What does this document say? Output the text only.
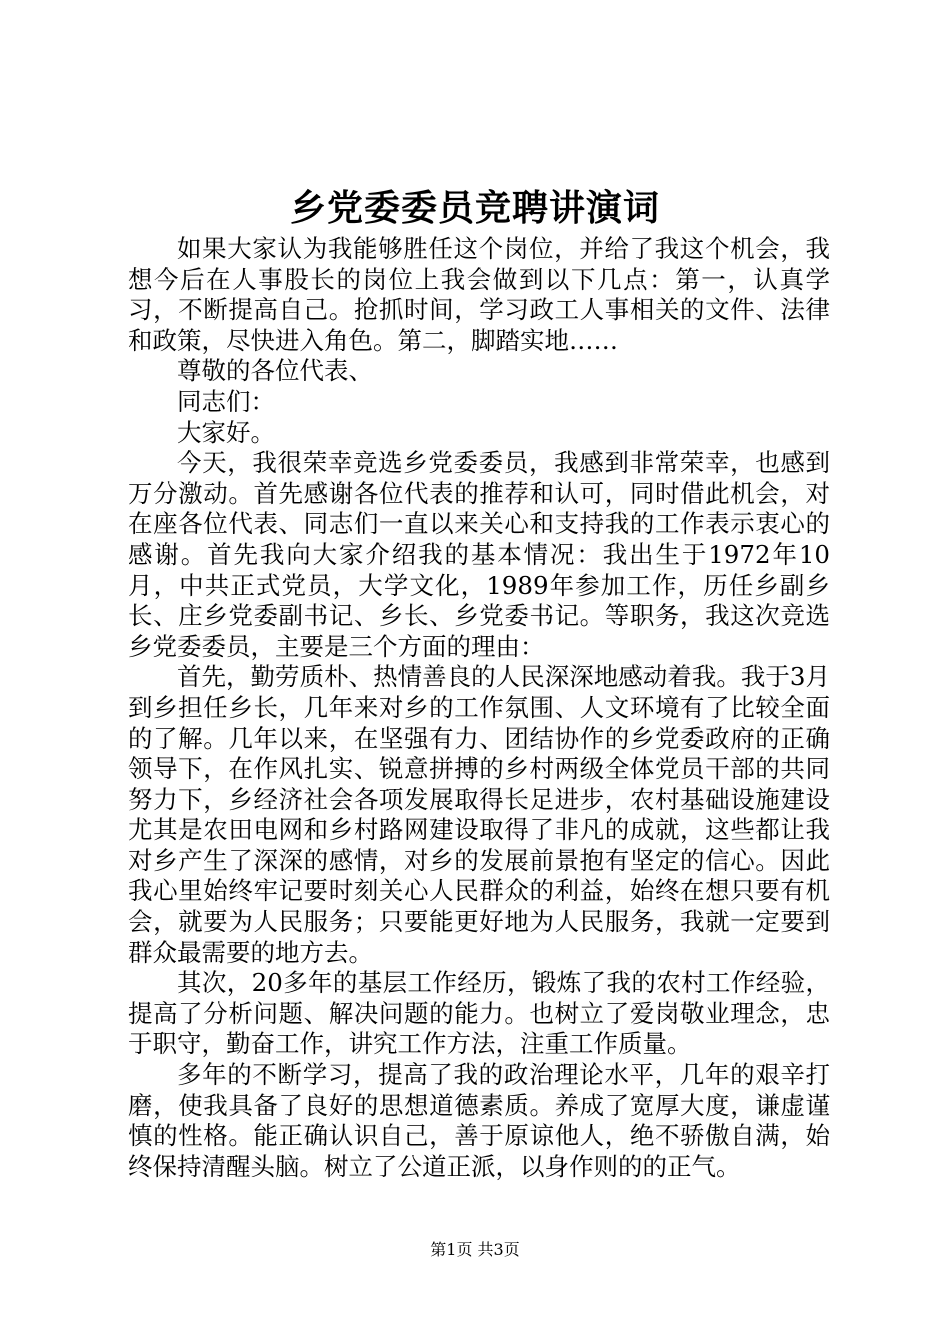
乡党委委员竞聘讲演词

如果大家认为我能够胜任这个岗位，并给了我这个机会，我想今后在人事股长的岗位上我会做到以下几点：第一，认真学习，不断提高自己。抢抓时间，学习政工人事相关的文件、法律和政策，尽快进入角色。第二，脚踏实地……

尊敬的各位代表、

同志们：

大家好。

今天，我很荣幸竞选乡党委委员，我感到非常荣幸，也感到万分激动。首先感谢各位代表的推荐和认可，同时借此机会，对在座各位代表、同志们一直以来关心和支持我的工作表示衷心的感谢。首先我向大家介绍我的基本情况：我出生于1972年10月，中共正式党员，大学文化，1989年参加工作，历任乡副乡长、庄乡党委副书记、乡长、乡党委书记。等职务，我这次竞选乡党委委员，主要是三个方面的理由：

首先，勤劳质朴、热情善良的人民深深地感动着我。我于3月到乡担任乡长，几年来对乡的工作氛围、人文环境有了比较全面的了解。几年以来，在坚强有力、团结协作的乡党委政府的正确领导下，在作风扎实、锐意拼搏的乡村两级全体党员干部的共同努力下，乡经济社会各项发展取得长足进步，农村基础设施建设尤其是农田电网和乡村路网建设取得了非凡的成就，这些都让我对乡产生了深深的感情，对乡的发展前景抱有坚定的信心。因此我心里始终牢记要时刻关心人民群众的利益，始终在想只要有机会，就要为人民服务；只要能更好地为人民服务，我就一定要到群众最需要的地方去。

其次，20多年的基层工作经历，锻炼了我的农村工作经验，提高了分析问题、解决问题的能力。也树立了爱岗敬业理念，忠于职守，勤奋工作，讲究工作方法，注重工作质量。

多年的不断学习，提高了我的政治理论水平，几年的艰辛打磨，使我具备了良好的思想道德素质。养成了宽厚大度，谦虚谨慎的性格。能正确认识自己，善于原谅他人，绝不骄傲自满，始终保持清醒头脑。树立了公道正派，以身作则的的正气。

第1页 共3页
